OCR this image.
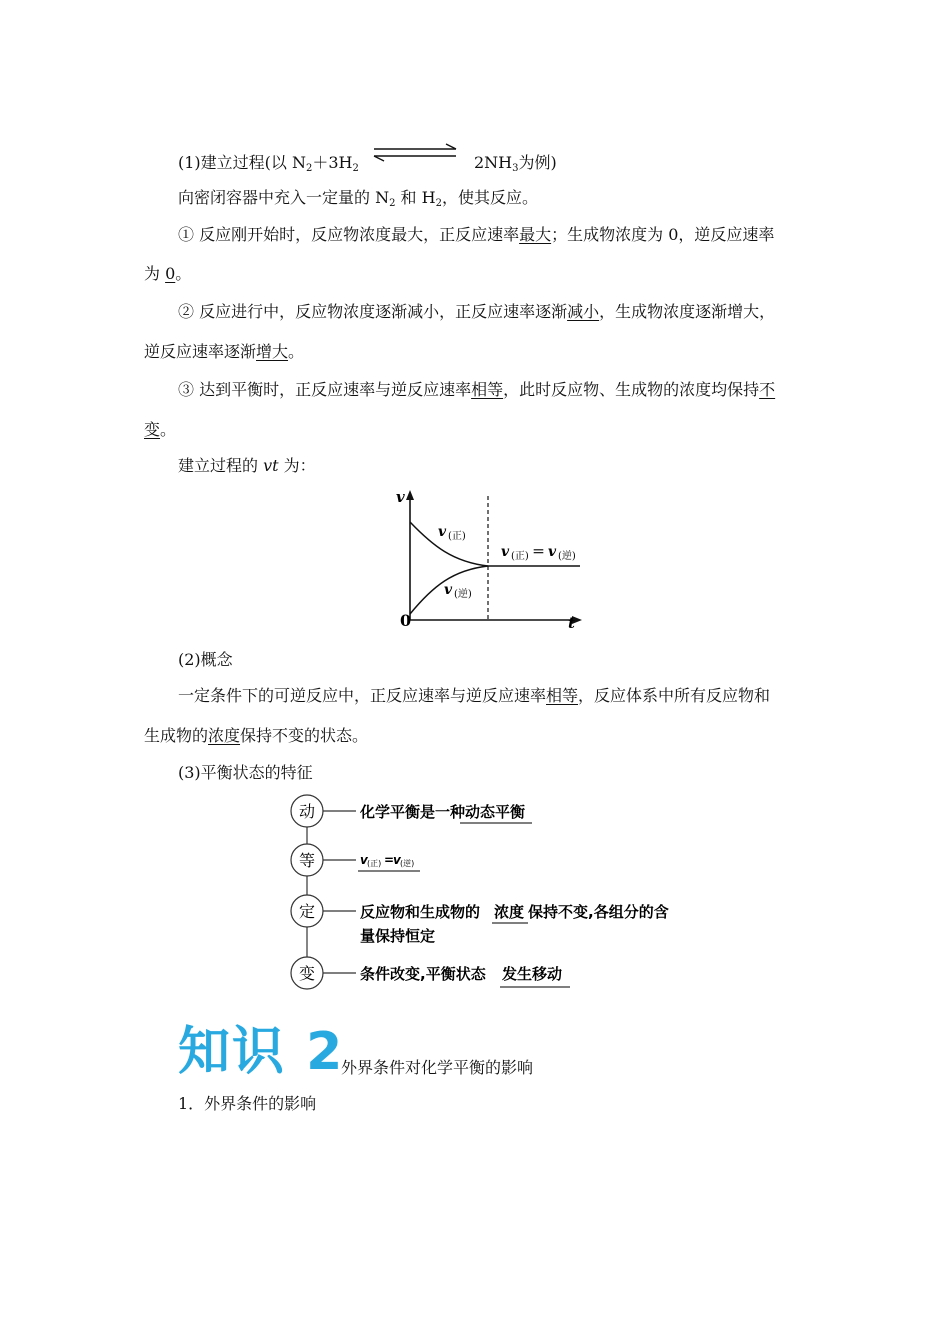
(1)建立过程(以 $N_2+3H_2$	$2NH_3$为例)
向密闭容器中充入一定量的 $N_2$ 和 $H_2$，使其反应。
① 反应刚开始时，反应物浓度最大，正反应速率最大；生成物浓度为 0，逆反应速率
为 0。
② 反应进行中，反应物浓度逐渐减小，正反应速率逐渐减小，生成物浓度逐渐增大，
逆反应速率逐渐增大。
③ 达到平衡时，正反应速率与逆反应速率相等，此时反应物、生成物的浓度均保持不
变。
建立过程的 vt 为：
v
t
0
v (正)
v (逆)
v (正) ＝ v (逆)
(2)概念
一定条件下的可逆反应中，正反应速率与逆反应速率相等，反应体系中所有反应物和
生成物的浓度保持不变的状态。
(3)平衡状态的特征
动	化学平衡是一种 动态平衡
等	v (正) =
v (逆)
定	反应物和生成物的 浓度 保持不变,各组分的含
量保持恒定
变	条件改变,平衡状态 发生移动
知识 2
外界条件对化学平衡的影响
1．外界条件的影响
